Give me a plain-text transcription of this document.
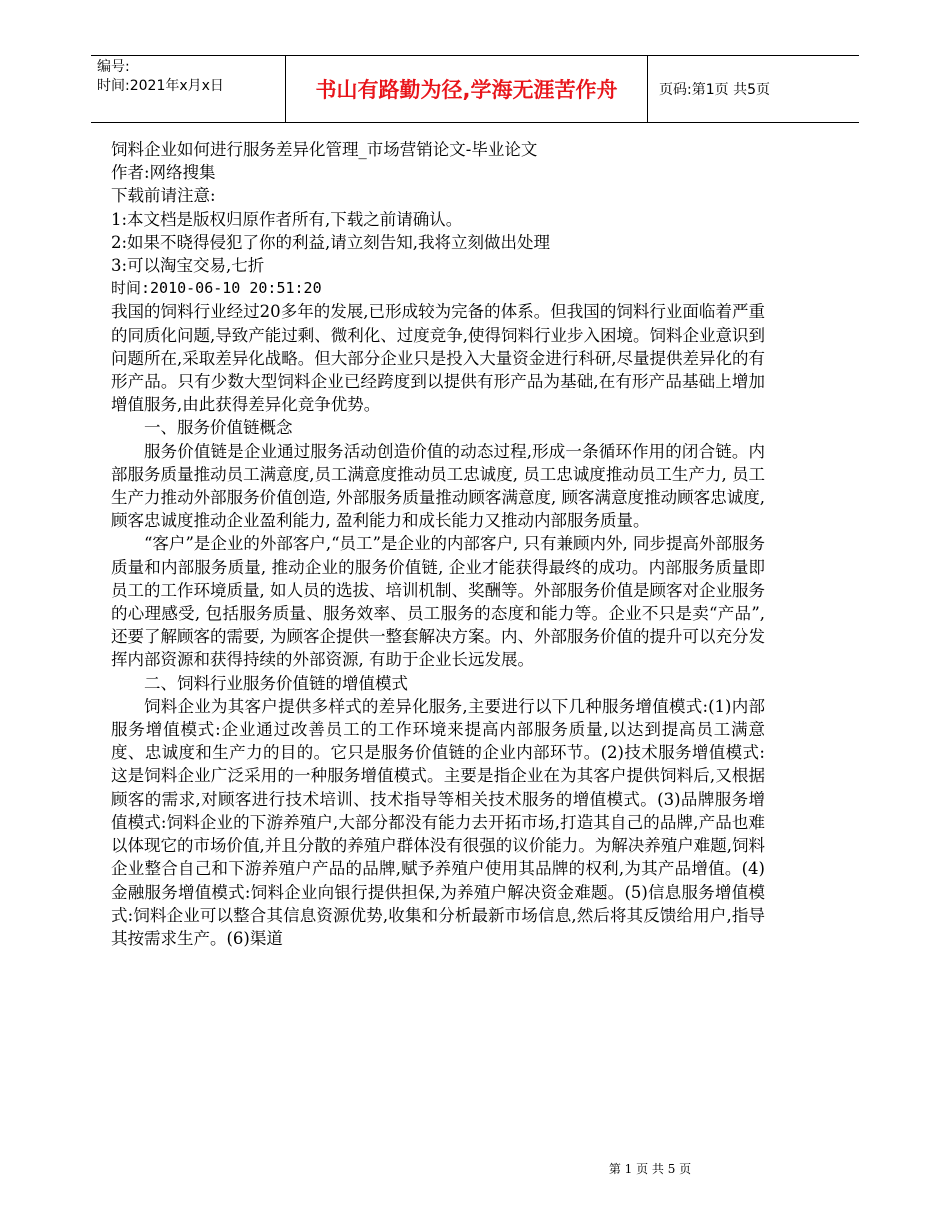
编号:
时间:2021年x月x日	书山有路勤为径,学海无涯苦作舟	页码:第1页 共5页

饲料企业如何进行服务差异化管理_市场营销论文-毕业论文

作者:网络搜集

下载前请注意:

1:本文档是版权归原作者所有,下载之前请确认。

2:如果不晓得侵犯了你的利益,请立刻告知,我将立刻做出处理

3:可以淘宝交易,七折

时间:2010-06-10 20:51:20

我国的饲料行业经过20多年的发展,已形成较为完备的体系。但我国的饲料行业面临着严重的同质化问题,导致产能过剩、微利化、过度竞争,使得饲料行业步入困境。饲料企业意识到问题所在,采取差异化战略。但大部分企业只是投入大量资金进行科研,尽量提供差异化的有形产品。只有少数大型饲料企业已经跨度到以提供有形产品为基础,在有形产品基础上增加增值服务,由此获得差异化竞争优势。

一、服务价值链概念

服务价值链是企业通过服务活动创造价值的动态过程,形成一条循环作用的闭合链。内部服务质量推动员工满意度,员工满意度推动员工忠诚度, 员工忠诚度推动员工生产力, 员工生产力推动外部服务价值创造, 外部服务质量推动顾客满意度, 顾客满意度推动顾客忠诚度, 顾客忠诚度推动企业盈利能力, 盈利能力和成长能力又推动内部服务质量。

“客户”是企业的外部客户,“员工”是企业的内部客户, 只有兼顾内外, 同步提高外部服务质量和内部服务质量, 推动企业的服务价值链, 企业才能获得最终的成功。内部服务质量即员工的工作环境质量, 如人员的选拔、培训机制、奖酬等。外部服务价值是顾客对企业服务的心理感受, 包括服务质量、服务效率、员工服务的态度和能力等。企业不只是卖“产品”, 还要了解顾客的需要, 为顾客企提供一整套解决方案。内、外部服务价值的提升可以充分发挥内部资源和获得持续的外部资源, 有助于企业长远发展。

二、饲料行业服务价值链的增值模式

饲料企业为其客户提供多样式的差异化服务,主要进行以下几种服务增值模式:(1)内部服务增值模式:企业通过改善员工的工作环境来提高内部服务质量,以达到提高员工满意度、忠诚度和生产力的目的。它只是服务价值链的企业内部环节。(2)技术服务增值模式:这是饲料企业广泛采用的一种服务增值模式。主要是指企业在为其客户提供饲料后,又根据顾客的需求,对顾客进行技术培训、技术指导等相关技术服务的增值模式。(3)品牌服务增值模式:饲料企业的下游养殖户,大部分都没有能力去开拓市场,打造其自己的品牌,产品也难以体现它的市场价值,并且分散的养殖户群体没有很强的议价能力。为解决养殖户难题,饲料企业整合自己和下游养殖户产品的品牌,赋予养殖户使用其品牌的权利,为其产品增值。(4)金融服务增值模式:饲料企业向银行提供担保,为养殖户解决资金难题。(5)信息服务增值模式:饲料企业可以整合其信息资源优势,收集和分析最新市场信息,然后将其反馈给用户,指导其按需求生产。(6)渠道

第 1 页 共 5 页
